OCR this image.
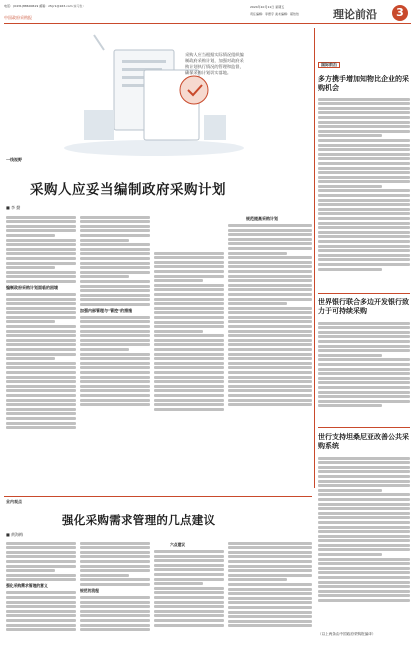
电话：(0431)88600619 邮箱：zfcjr1@163.com 实习生：
中国政府采购报
2024年10月11日 星期五
责任编辑：李德宇 美术编辑：郝依依	理论前沿	3
一线视野
采购人应妥当编制政府采购计划
采购人应当根据实际情况组织编制政府采购计划，加强对政府采购计划执行情况的管理和监督，确保采购计划切实落地。
■ 李 勤
编制政府采购计划面临的困境
加强内部管理与"管控"的措施
规范提高采购计划
国际前沿
多方携手增加知物比企业的采购机会
世界银行联合多边开发银行致力于可持续采购
世行支持坦桑尼亚改善公共采购系统
（以上两条由中国政府采购报编译）
业内观点
强化采购需求管理的几点建议
■ 黄海梅
强化采购需求管理的意义
规范的流程
六点建议
